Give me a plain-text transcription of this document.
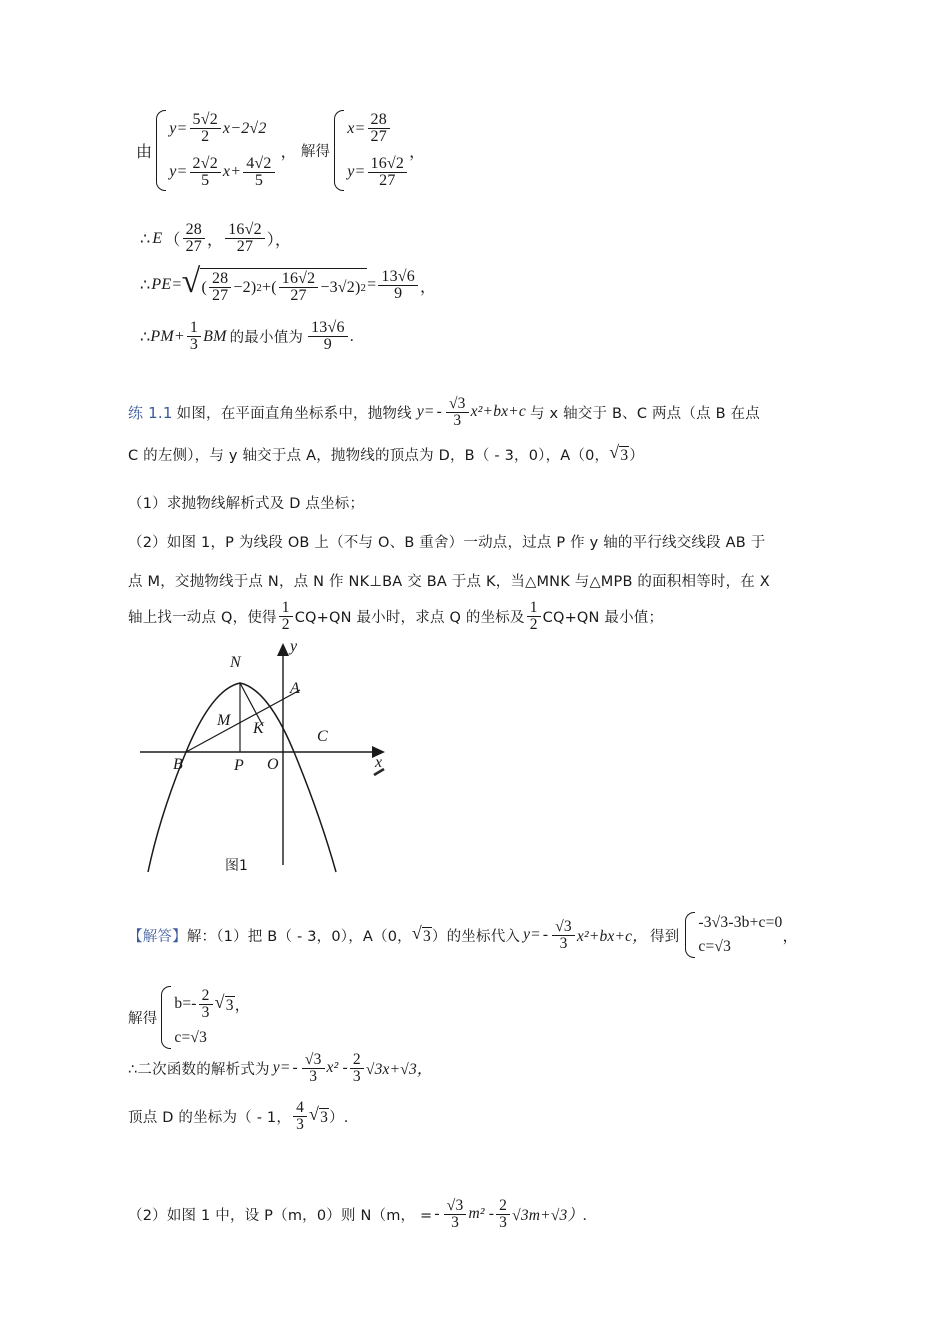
由
$y= \frac{5√2}{2} x-2√2$
$y= \frac{2√2}{5} x+ \frac{4√2}{5}$
， 解得
$x= \frac{28}{27}$
$y= \frac{16√2}{27}$
，
∴ E （ $\frac{28}{27}$ ， $\frac{16√2}{27}$ ），
∴ PE = √ ( $\frac{28}{27} -2$ ) 2 + ( $\frac{16√2}{27} -3√2$ ) $2 = \frac{13√6}{9}$ ，
∴ $PM+ \frac{1}{3}$ BM 的最小值为 $\frac{13√6}{9}$ .
练 1.1 如图，在平面直角坐标系中，抛物线 $y= - \frac{√3}{3} x^2+bx+c$ 与 x 轴交于 B、C 两点（点 B 在点
C 的左侧），与 y 轴交于点 A，抛物线的顶点为 D，B（ - 3，0），A（0， √ 3 ）
（1）求抛物线解析式及 D 点坐标；
（2）如图 1，P 为线段 OB 上（不与 O、B 重舍）一动点，过点 P 作 y 轴的平行线交线段 AB 于
点 M，交抛物线于点 N，点 N 作 NK⊥BA 交 BA 于点 K，当△MNK 与△MPB 的面积相等时，在 X
轴上找一动点 Q，使得 $\frac{1}{2} CQ+QN$ 最小时，求点 Q 的坐标及 $\frac{1}{2} CQ+QN$ 最小值；
N
A
M K
B	P O
C
y
x
图1
【解答】 解：（1）把 B（ - 3，0），A（0， √ 3 ）的坐标代入 $y= - \frac{√3}{3} x^2+bx+c$， 得到
-3√3-3b+c=0
c=√3
，
解得
$b=- \frac{2}{3}$ √ 3 ，
c=√3
∴二次函数的解析式为 $y= - \frac{√3}{3} x^2 - \frac{2}{3} √3x+√3$，
顶点 D 的坐标为（ - 1， $\frac{4}{3}$ √ 3 ）.
（2）如图 1 中，设 P（m，0）则 N（m， = - $\frac{√3}{3} m^2 - \frac{2}{3} √3m+√3$）.
